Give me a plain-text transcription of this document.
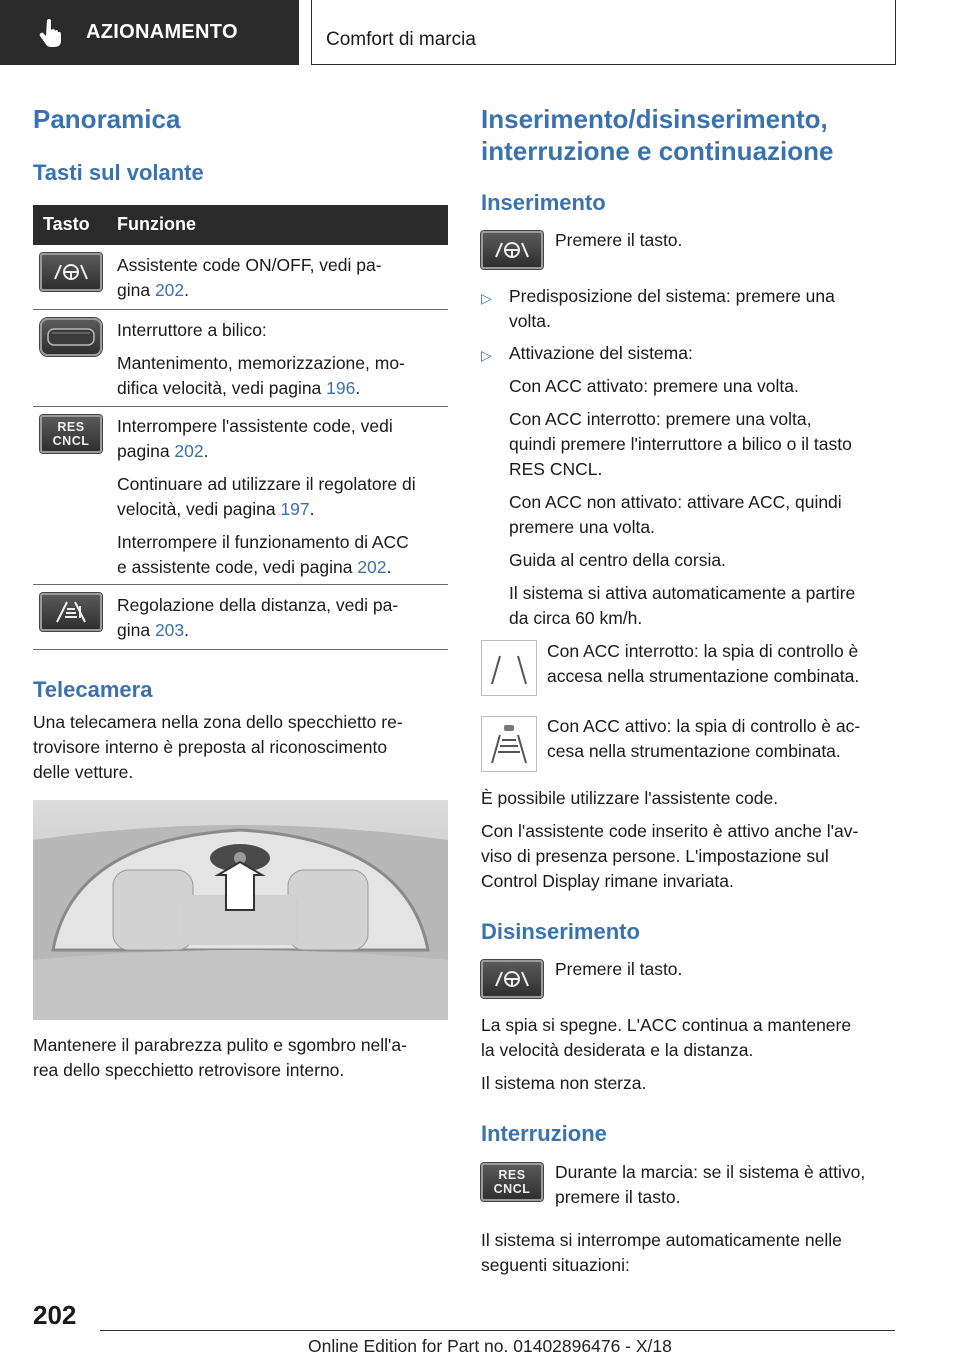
AZIONAMENTO	Comfort di marcia
Panoramica
Tasti sul volante
Tasto Funzione
Assistente code ON/OFF, vedi pa-
gina 202.
Interruttore a bilico:
Mantenimento, memorizzazione, mo-
difica velocità, vedi pagina 196.
RES
CNCL
Interrompere l'assistente code, vedi
pagina 202.
Continuare ad utilizzare il regolatore di
velocità, vedi pagina 197.
Interrompere il funzionamento di ACC
e assistente code, vedi pagina 202.
Regolazione della distanza, vedi pa-
gina 203.
Telecamera
Una telecamera nella zona dello specchietto re-
trovisore interno è preposta al riconoscimento
delle vetture.
Mantenere il parabrezza pulito e sgombro nell'a-
rea dello specchietto retrovisore interno.
Inserimento/disinserimento,
interruzione e continuazione
Inserimento
Premere il tasto.
▷ Predisposizione del sistema: premere una
volta.
▷ Attivazione del sistema:
Con ACC attivato: premere una volta.
Con ACC interrotto: premere una volta,
quindi premere l'interruttore a bilico o il tasto
RES CNCL.
Con ACC non attivato: attivare ACC, quindi
premere una volta.
Guida al centro della corsia.
Il sistema si attiva automaticamente a partire
da circa 60 km/h.
Con ACC interrotto: la spia di controllo è
accesa nella strumentazione combinata.
Con ACC attivo: la spia di controllo è ac-
cesa nella strumentazione combinata.
È possibile utilizzare l'assistente code.
Con l'assistente code inserito è attivo anche l'av-
viso di presenza persone. L'impostazione sul
Control Display rimane invariata.
Disinserimento
Premere il tasto.
La spia si spegne. L'ACC continua a mantenere
la velocità desiderata e la distanza.
Il sistema non sterza.
Interruzione
RES
CNCL
Durante la marcia: se il sistema è attivo,
premere il tasto.
Il sistema si interrompe automaticamente nelle
seguenti situazioni:
202
Online Edition for Part no. 01402896476 - X/18
